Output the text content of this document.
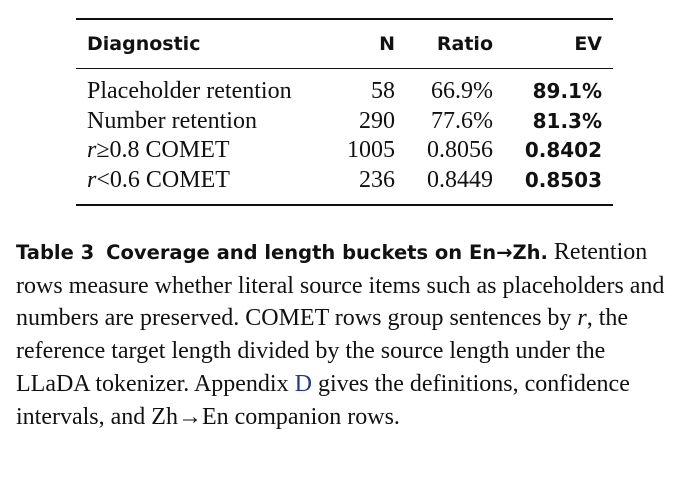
Diagnostic	N	Ratio	EV
Placeholder retention	58	66.9%	89.1%
Number retention	290	77.6%	81.3%
r≥0.8 COMET	1005	0.8056	0.8402
r<0.6 COMET	236	0.8449	0.8503
Table 3 Coverage and length buckets on En→Zh. Retention rows measure whether literal source items such as placeholders and numbers are preserved. COMET rows group sentences by r, the reference target length divided by the source length under the LLaDA tokenizer. Appendix D gives the definitions, confidence intervals, and Zh→En companion rows.
